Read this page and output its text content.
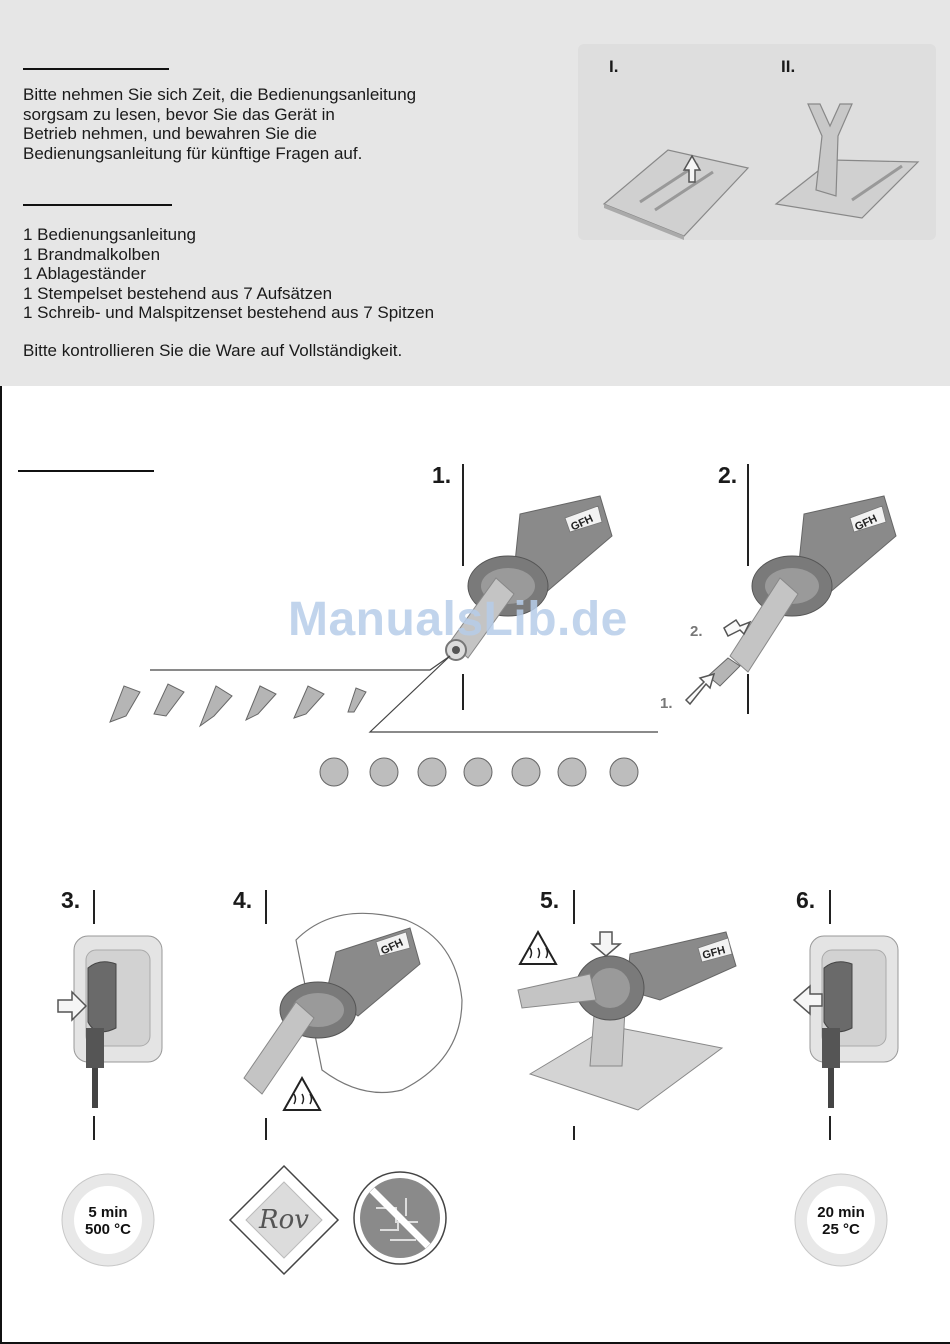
Bitte nehmen Sie sich Zeit, die Bedienungsanleitung
sorgsam zu lesen, bevor Sie das Gerät in
Betrieb nehmen, und bewahren Sie die
Bedienungsanleitung für künftige Fragen auf.
1 Bedienungsanleitung
1 Brandmalkolben
1 Ablageständer
1 Stempelset bestehend aus 7 Aufsätzen
1 Schreib- und Malspitzenset bestehend aus 7 Spitzen
Bitte kontrollieren Sie die Ware auf Vollständigkeit.
I.	II.
1.	2.
GFH	GFH
1.
2.
ManualsLib.de
3.	4.	5.	6.
GFH	GFH
5 min
500 °C	Rov	20 min
25 °C
